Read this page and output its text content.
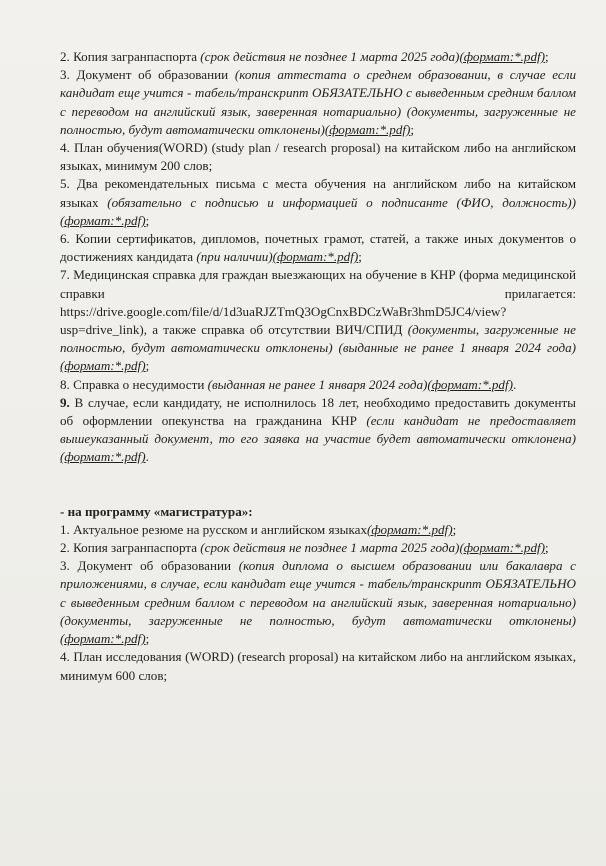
2. Копия загранпаспорта (срок действия не позднее 1 марта 2025 года)(формат:*.pdf);

3. Документ об образовании (копия аттестата о среднем образовании, в случае если кандидат еще учится - табель/транскрипт ОБЯЗАТЕЛЬНО с выведенным средним баллом с переводом на английский язык, заверенная нотариально) (документы, загруженные не полностью, будут автоматически отклонены)(формат:*.pdf);

4. План обучения(WORD) (study plan / research proposal) на китайском либо на английском языках, минимум 200 слов;

5. Два рекомендательных письма с места обучения на английском либо на китайском языках (обязательно с подписью и информацией о подписанте (ФИО, должность))(формат:*.pdf);

6. Копии сертификатов, дипломов, почетных грамот, статей, а также иных документов о достижениях кандидата (при наличии)(формат:*.pdf);

7. Медицинская справка для граждан выезжающих на обучение в КНР (форма медицинской справки прилагается: https://drive.google.com/file/d/1d3uaRJZTmQ3OgCnxBDCzWaBr3hmD5JC4/view?usp=drive_link), а также справка об отсутствии ВИЧ/СПИД (документы, загруженные не полностью, будут автоматически отклонены) (выданные не ранее 1 января 2024 года)(формат:*.pdf);

8. Справка о несудимости (выданная не ранее 1 января 2024 года)(формат:*.pdf).

9. В случае, если кандидату, не исполнилось 18 лет, необходимо предоставить документы об оформлении опекунства на гражданина КНР (если кандидат не предоставляет вышеуказанный документ, то его заявка на участие будет автоматически отклонена)(формат:*.pdf).

- на программу «магистратура»:

1. Актуальное резюме на русском и английском языках(формат:*.pdf);

2. Копия загранпаспорта (срок действия не позднее 1 марта 2025 года)(формат:*.pdf);

3. Документ об образовании (копия диплома о высшем образовании или бакалавра с приложениями, в случае, если кандидат еще учится - табель/транскрипт ОБЯЗАТЕЛЬНО с выведенным средним баллом с переводом на английский язык, заверенная нотариально) (документы, загруженные не полностью, будут автоматически отклонены)(формат:*.pdf);

4. План исследования (WORD) (research proposal) на китайском либо на английском языках, минимум 600 слов;
